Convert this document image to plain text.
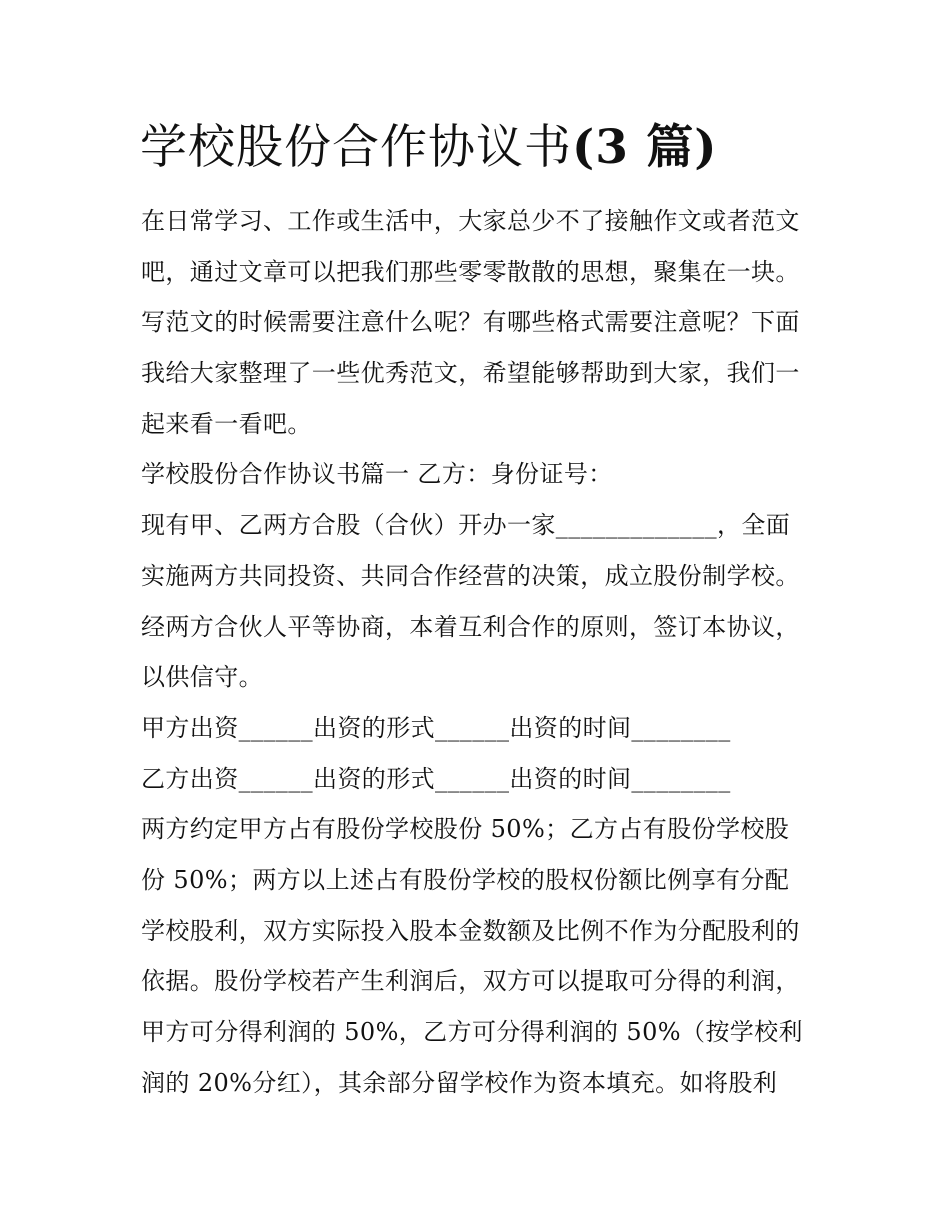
学校股份合作协议书(3 篇)

在日常学习、工作或生活中，大家总少不了接触作文或者范文

吧，通过文章可以把我们那些零零散散的思想，聚集在一块。

写范文的时候需要注意什么呢？有哪些格式需要注意呢？下面

我给大家整理了一些优秀范文，希望能够帮助到大家，我们一

起来看一看吧。

学校股份合作协议书篇一 乙方：身份证号：

现有甲、乙两方合股（合伙）开办一家_____________，全面

实施两方共同投资、共同合作经营的决策，成立股份制学校。

经两方合伙人平等协商，本着互利合作的原则，签订本协议，

以供信守。

甲方出资______出资的形式______出资的时间________

乙方出资______出资的形式______出资的时间________

两方约定甲方占有股份学校股份 50%；乙方占有股份学校股

份 50%；两方以上述占有股份学校的股权份额比例享有分配

学校股利，双方实际投入股本金数额及比例不作为分配股利的

依据。股份学校若产生利润后，双方可以提取可分得的利润，

甲方可分得利润的 50%，乙方可分得利润的 50%（按学校利

润的 20%分红），其余部分留学校作为资本填充。如将股利
